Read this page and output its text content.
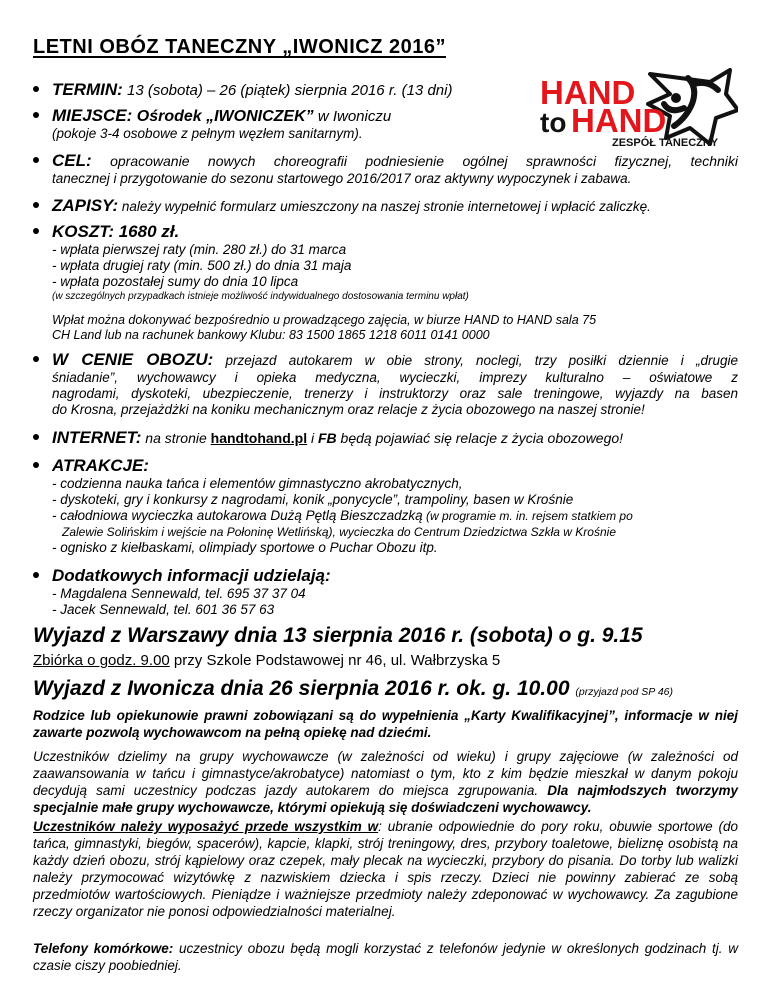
LETNI OBÓZ TANECZNY „IWONICZ 2016”
HAND
to HAND
ZESPÓŁ TANECZNY
TERMIN: 13 (sobota) – 26 (piątek) sierpnia 2016 r. (13 dni)
MIEJSCE: Ośrodek „IWONICZEK” w Iwoniczu
(pokoje 3-4 osobowe z pełnym węzłem sanitarnym).
CEL: opracowanie nowych choreografii podniesienie ogólnej sprawności fizycznej, techniki
tanecznej i przygotowanie do sezonu startowego 2016/2017 oraz aktywny wypoczynek i zabawa.
ZAPISY: należy wypełnić formularz umieszczony na naszej stronie internetowej i wpłacić zaliczkę.
KOSZT: 1680 zł.
- wpłata pierwszej raty (min. 280 zł.) do 31 marca
- wpłata drugiej raty (min. 500 zł.) do dnia 31 maja
- wpłata pozostałej sumy do dnia 10 lipca
(w szczególnych przypadkach istnieje możliwość indywidualnego dostosowania terminu wpłat)
Wpłat można dokonywać bezpośrednio u prowadzącego zajęcia, w biurze HAND to HAND sala 75
CH Land lub na rachunek bankowy Klubu: 83 1500 1865 1218 6011 0141 0000
W CENIE OBOZU: przejazd autokarem w obie strony, noclegi, trzy posiłki dziennie i „drugie
śniadanie”, wychowawcy i opieka medyczna, wycieczki, imprezy kulturalno – oświatowe z
nagrodami, dyskoteki, ubezpieczenie, trenerzy i instruktorzy oraz sale treningowe, wyjazdy na basen
do Krosna, przejażdżki na koniku mechanicznym oraz relacje z życia obozowego na naszej stronie!
INTERNET: na stronie handtohand.pl i FB będą pojawiać się relacje z życia obozowego!
ATRAKCJE:
- codzienna nauka tańca i elementów gimnastyczno akrobatycznych,
- dyskoteki, gry i konkursy z nagrodami, konik „ponycycle”, trampoliny, basen w Krośnie
- całodniowa wycieczka autokarowa Dużą Pętlą Bieszczadzką (w programie m. in. rejsem statkiem po
Zalewie Solińskim i wejście na Połoninę Wetlińską), wycieczka do Centrum Dziedzictwa Szkła w Krośnie
- ognisko z kiełbaskami, olimpiady sportowe o Puchar Obozu itp.
Dodatkowych informacji udzielają:
- Magdalena Sennewald, tel. 695 37 37 04
- Jacek Sennewald, tel. 601 36 57 63
Wyjazd z Warszawy dnia 13 sierpnia 2016 r. (sobota) o g. 9.15
Zbiórka o godz. 9.00 przy Szkole Podstawowej nr 46, ul. Wałbrzyska 5
Wyjazd z Iwonicza dnia 26 sierpnia 2016 r. ok. g. 10.00 (przyjazd pod SP 46)
Rodzice lub opiekunowie prawni zobowiązani są do wypełnienia „Karty Kwalifikacyjnej”, informacje w niej zawarte pozwolą wychowawcom na pełną opiekę nad dziećmi.
Uczestników dzielimy na grupy wychowawcze (w zależności od wieku) i grupy zajęciowe (w zależności od zaawansowania w tańcu i gimnastyce/akrobatyce) natomiast o tym, kto z kim będzie mieszkał w danym pokoju decydują sami uczestnicy podczas jazdy autokarem do miejsca zgrupowania. Dla najmłodszych tworzymy specjalnie małe grupy wychowawcze, którymi opiekują się doświadczeni wychowawcy.
Uczestników należy wyposażyć przede wszystkim w: ubranie odpowiednie do pory roku, obuwie sportowe (do tańca, gimnastyki, biegów, spacerów), kapcie, klapki, strój treningowy, dres, przybory toaletowe, bieliznę osobistą na każdy dzień obozu, strój kąpielowy oraz czepek, mały plecak na wycieczki, przybory do pisania. Do torby lub walizki należy przymocować wizytówkę z nazwiskiem dziecka i spis rzeczy. Dzieci nie powinny zabierać ze sobą przedmiotów wartościowych. Pieniądze i ważniejsze przedmioty należy zdeponować w wychowawcy. Za zagubione rzeczy organizator nie ponosi odpowiedzialności materialnej.
Telefony komórkowe: uczestnicy obozu będą mogli korzystać z telefonów jedynie w określonych godzinach tj. w czasie ciszy poobiedniej.
